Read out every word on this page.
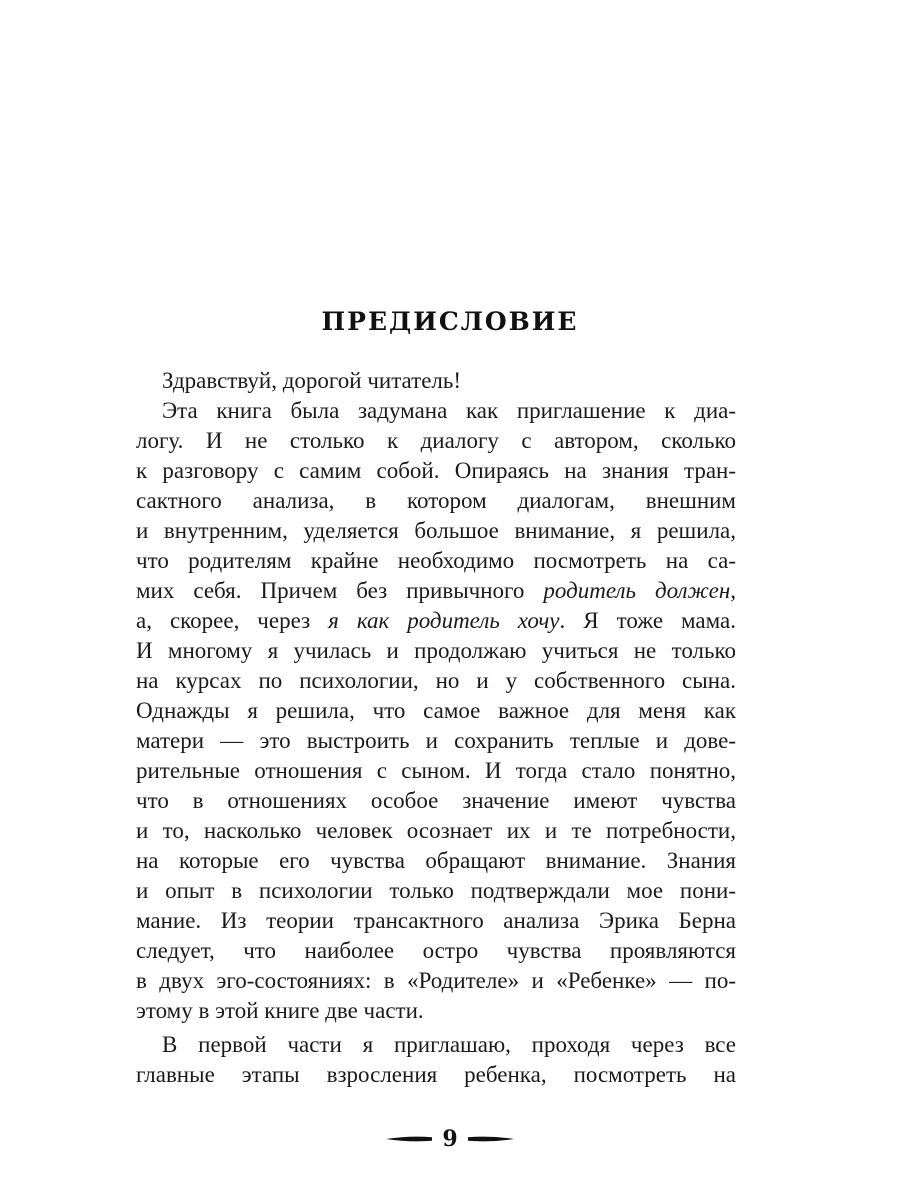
ПРЕДИСЛОВИЕ
Здравствуй, дорогой читатель!
Эта книга была задумана как приглашение к диа-
логу. И не столько к диалогу с автором, сколько
к разговору с самим собой. Опираясь на знания тран-
сактного анализа, в котором диалогам, внешним
и внутренним, уделяется большое внимание, я решила,
что родителям крайне необходимо посмотреть на са-
мих себя. Причем без привычного родитель должен,
а, скорее, через я как родитель хочу. Я тоже мама.
И многому я училась и продолжаю учиться не только
на курсах по психологии, но и у собственного сына.
Однажды я решила, что самое важное для меня как
матери — это выстроить и сохранить теплые и дове-
рительные отношения с сыном. И тогда стало понятно,
что в отношениях особое значение имеют чувства
и то, насколько человек осознает их и те потребности,
на которые его чувства обращают внимание. Знания
и опыт в психологии только подтверждали мое пони-
мание. Из теории трансактного анализа Эрика Берна
следует, что наиболее остро чувства проявляются
в двух эго-состояниях: в «Родителе» и «Ребенке» — по-
этому в этой книге две части.
В первой части я приглашаю, проходя через все
главные этапы взросления ребенка, посмотреть на
9
